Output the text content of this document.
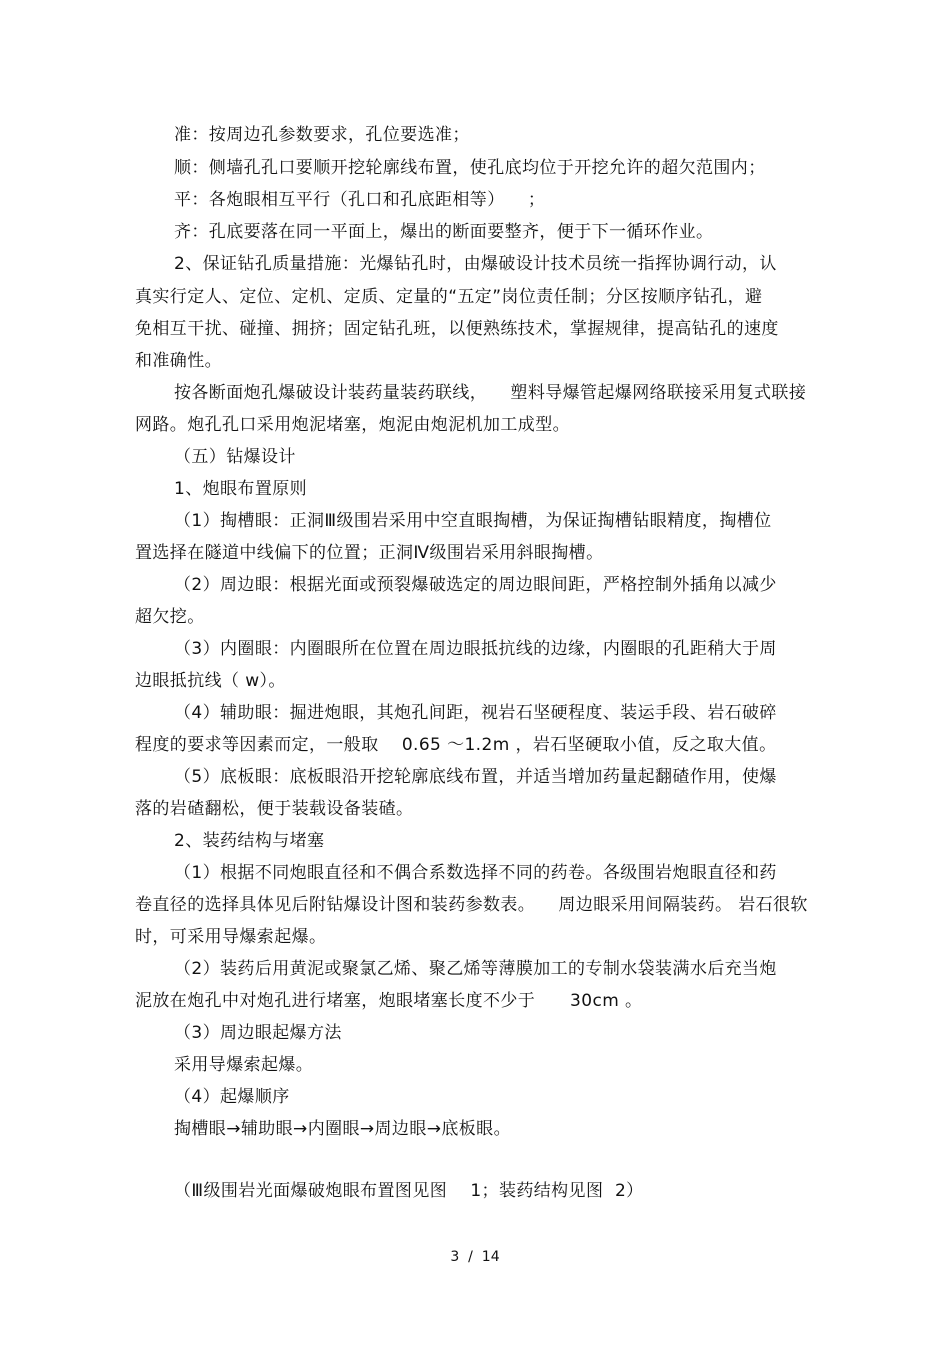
准：按周边孔参数要求，孔位要选准；
顺：侧墙孔孔口要顺开挖轮廓线布置，使孔底均位于开挖允许的超欠范围内；
平：各炮眼相互平行（孔口和孔底距相等）    ；
齐：孔底要落在同一平面上，爆出的断面要整齐，便于下一循环作业。
2、保证钻孔质量措施：光爆钻孔时，由爆破设计技术员统一指挥协调行动，认
真实行定人、定位、定机、定质、定量的“五定”岗位责任制；分区按顺序钻孔，避
免相互干扰、碰撞、拥挤；固定钻孔班，以便熟练技术，掌握规律，提高钻孔的速度
和准确性。
按各断面炮孔爆破设计装药量装药联线，    塑料导爆管起爆网络联接采用复式联接
网路。炮孔孔口采用炮泥堵塞，炮泥由炮泥机加工成型。
（五）钻爆设计
1、炮眼布置原则
（1）掏槽眼：正洞Ⅲ级围岩采用中空直眼掏槽，为保证掏槽钻眼精度，掏槽位
置选择在隧道中线偏下的位置；正洞Ⅳ级围岩采用斜眼掏槽。
（2）周边眼：根据光面或预裂爆破选定的周边眼间距，严格控制外插角以减少
超欠挖。
（3）内圈眼：内圈眼所在位置在周边眼抵抗线的边缘，内圈眼的孔距稍大于周
边眼抵抗线（ w）。
（4）辅助眼：掘进炮眼，其炮孔间距，视岩石坚硬程度、装运手段、岩石破碎
程度的要求等因素而定，一般取    0.65 ～1.2m ，岩石坚硬取小值，反之取大值。
（5）底板眼：底板眼沿开挖轮廓底线布置，并适当增加药量起翻碴作用，使爆
落的岩碴翻松，便于装载设备装碴。
2、装药结构与堵塞
（1）根据不同炮眼直径和不偶合系数选择不同的药卷。各级围岩炮眼直径和药
卷直径的选择具体见后附钻爆设计图和装药参数表。    周边眼采用间隔装药。 岩石很软
时，可采用导爆索起爆。
（2）装药后用黄泥或聚氯乙烯、聚乙烯等薄膜加工的专制水袋装满水后充当炮
泥放在炮孔中对炮孔进行堵塞，炮眼堵塞长度不少于      30cm 。
（3）周边眼起爆方法
采用导爆索起爆。
（4）起爆顺序
掏槽眼→辅助眼→内圈眼→周边眼→底板眼。
（Ⅲ级围岩光面爆破炮眼布置图见图    1；装药结构见图  2）
3  /  14
